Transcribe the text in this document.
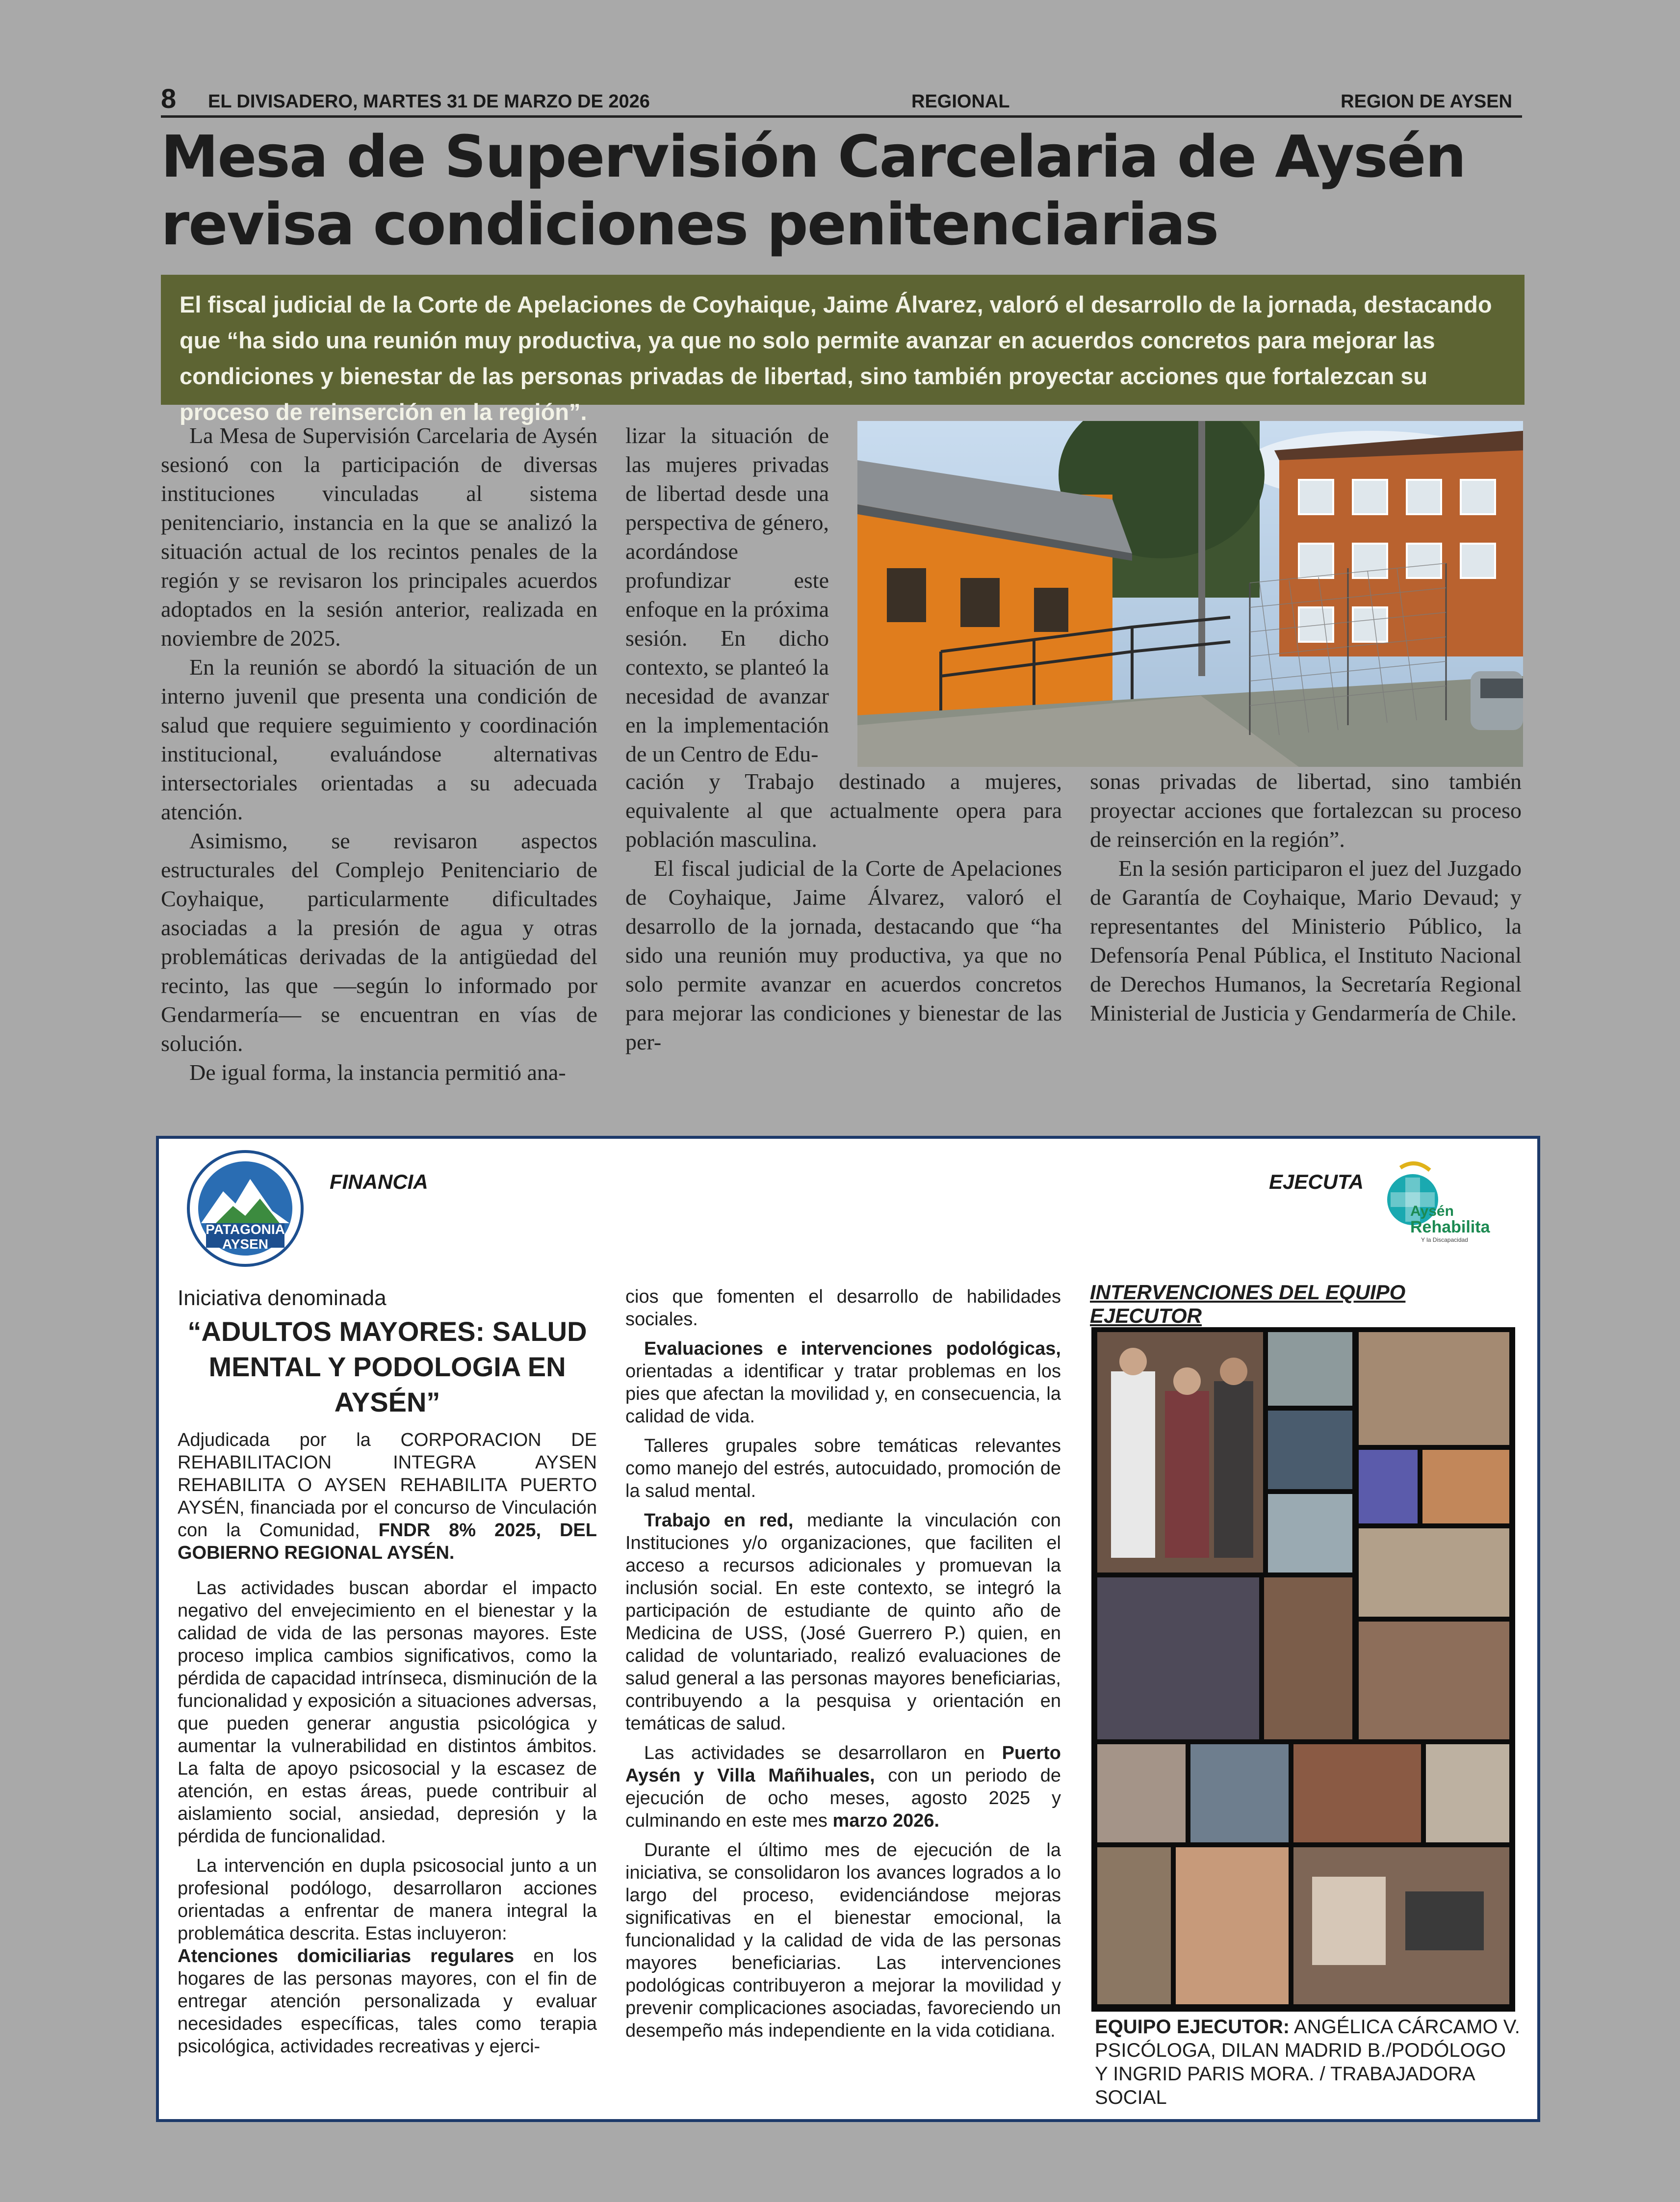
8 EL DIVISADERO, MARTES 31 DE MARZO DE 2026	REGIONAL	REGION DE AYSEN
Mesa de Supervisión Carcelaria de Aysén revisa condiciones penitenciarias
El fiscal judicial de la Corte de Apelaciones de Coyhaique, Jaime Álvarez, valoró el desarrollo de la jornada, destacando que “ha sido una reunión muy productiva, ya que no solo permite avanzar en acuerdos concretos para mejorar las condiciones y bienestar de las personas privadas de libertad, sino también proyectar acciones que fortalezcan su proceso de reinserción en la región”.

La Mesa de Supervisión Carcelaria de Aysén sesionó con la participación de diversas instituciones vinculadas al sistema penitenciario, instancia en la que se analizó la situación actual de los recintos penales de la región y se revisaron los principales acuerdos adoptados en la sesión anterior, realizada en noviembre de 2025.

En la reunión se abordó la situación de un interno juvenil que presenta una condición de salud que requiere seguimiento y coordinación institucional, evaluándose alternativas intersectoriales orientadas a su adecuada atención.

Asimismo, se revisaron aspectos estructurales del Complejo Penitenciario de Coyhaique, particularmente dificultades asociadas a la presión de agua y otras problemáticas derivadas de la antigüedad del recinto, las que —según lo informado por Gendarmería— se encuentran en vías de solución.

De igual forma, la instancia permitió ana-

lizar la situación de las mujeres privadas de libertad desde una perspectiva de género, acordándose profundizar este enfoque en la próxima sesión. En dicho contexto, se planteó la necesidad de avanzar en la implementación de un Centro de Edu-

cación y Trabajo destinado a mujeres, equivalente al que actualmente opera para población masculina.

El fiscal judicial de la Corte de Apelaciones de Coyhaique, Jaime Álvarez, valoró el desarrollo de la jornada, destacando que “ha sido una reunión muy productiva, ya que no solo permite avanzar en acuerdos concretos para mejorar las condiciones y bienestar de las per-

sonas privadas de libertad, sino también proyectar acciones que fortalezcan su proceso de reinserción en la región”.

En la sesión participaron el juez del Juzgado de Garantía de Coyhaique, Mario Devaud; y representantes del Ministerio Público, la Defensoría Penal Pública, el Instituto Nacional de Derechos Humanos, la Secretaría Regional Ministerial de Justicia y Gendarmería de Chile.

PATAGONIA AYSEN
FINANCIA	EJECUTA
Aysén
Rehabilita
Y la Discapacidad

Iniciativa denominada

“ADULTOS MAYORES: SALUD MENTAL Y PODOLOGIA EN AYSÉN”

Adjudicada por la CORPORACION DE REHABILITACION INTEGRA AYSEN REHABILITA O AYSEN REHABILITA PUERTO AYSÉN, financiada por el concurso de Vinculación con la Comunidad, FNDR 8% 2025, DEL GOBIERNO REGIONAL AYSÉN.

Las actividades buscan abordar el impacto negativo del envejecimiento en el bienestar y la calidad de vida de las personas mayores. Este proceso implica cambios significativos, como la pérdida de capacidad intrínseca, disminución de la funcionalidad y exposición a situaciones adversas, que pueden generar angustia psicológica y aumentar la vulnerabilidad en distintos ámbitos. La falta de apoyo psicosocial y la escasez de atención, en estas áreas, puede contribuir al aislamiento social, ansiedad, depresión y la pérdida de funcionalidad.

La intervención en dupla psicosocial junto a un profesional podólogo, desarrollaron acciones orientadas a enfrentar de manera integral la problemática descrita. Estas incluyeron:

Atenciones domiciliarias regulares en los hogares de las personas mayores, con el fin de entregar atención personalizada y evaluar necesidades específicas, tales como terapia psicológica, actividades recreativas y ejerci-

cios que fomenten el desarrollo de habilidades sociales.

Evaluaciones e intervenciones podológicas, orientadas a identificar y tratar problemas en los pies que afectan la movilidad y, en consecuencia, la calidad de vida.

Talleres grupales sobre temáticas relevantes como manejo del estrés, autocuidado, promoción de la salud mental.

Trabajo en red, mediante la vinculación con Instituciones y/o organizaciones, que faciliten el acceso a recursos adicionales y promuevan la inclusión social. En este contexto, se integró la participación de estudiante de quinto año de Medicina de USS, (José Guerrero P.) quien, en calidad de voluntariado, realizó evaluaciones de salud general a las personas mayores beneficiarias, contribuyendo a la pesquisa y orientación en temáticas de salud.

Las actividades se desarrollaron en Puerto Aysén y Villa Mañihuales, con un periodo de ejecución de ocho meses, agosto 2025 y culminando en este mes marzo 2026.

Durante el último mes de ejecución de la iniciativa, se consolidaron los avances logrados a lo largo del proceso, evidenciándose mejoras significativas en el bienestar emocional, la funcionalidad y la calidad de vida de las personas mayores beneficiarias. Las intervenciones podológicas contribuyeron a mejorar la movilidad y prevenir complicaciones asociadas, favoreciendo un desempeño más independiente en la vida cotidiana.

INTERVENCIONES DEL EQUIPO EJECUTOR
EQUIPO EJECUTOR: ANGÉLICA CÁRCAMO V. PSICÓLOGA, DILAN MADRID B./PODÓLOGO Y INGRID PARIS MORA. / TRABAJADORA SOCIAL
